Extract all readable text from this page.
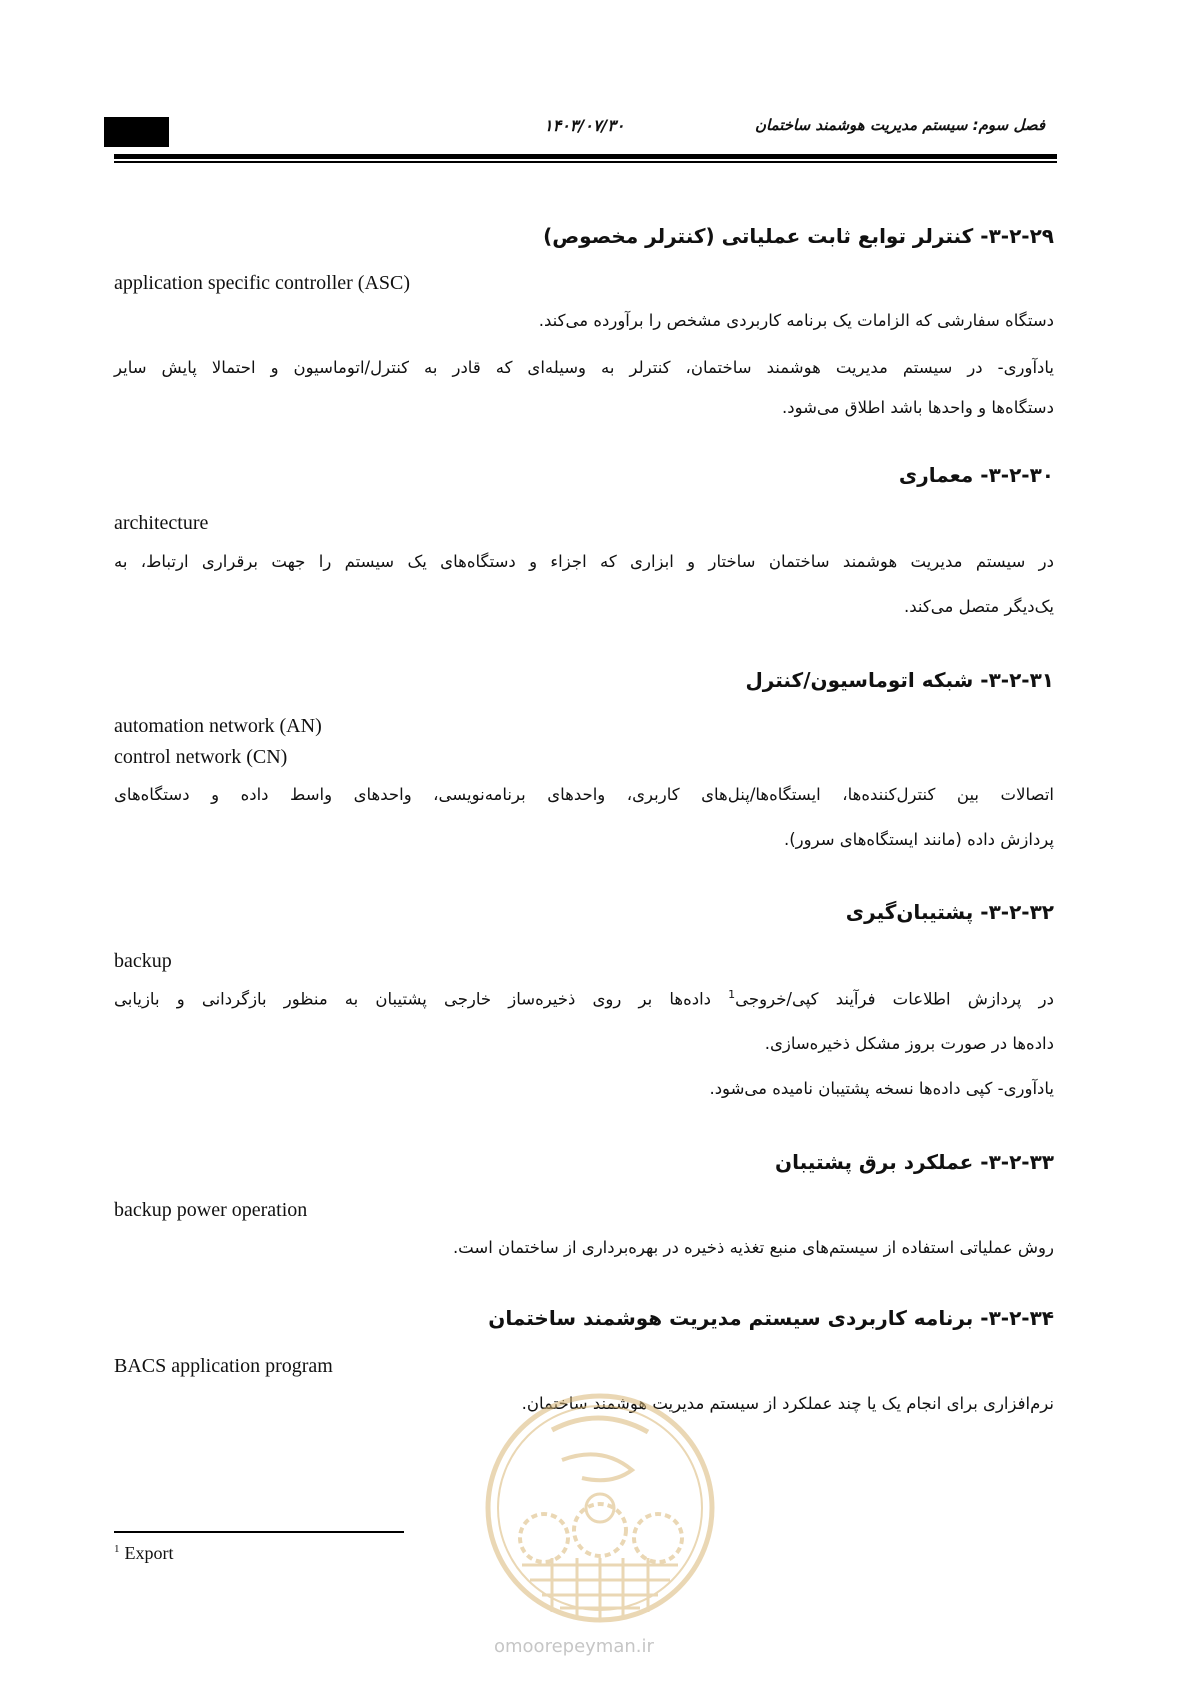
۱۴۰۳/۰۷/۳۰	فصل سوم: سیستم مدیریت هوشمند ساختمان
۳-۲-۲۹- کنترلر توابع ثابت عملیاتی (کنترلر مخصوص)
application specific controller (ASC)
دستگاه سفارشی که الزامات یک برنامه کاربردی مشخص را برآورده می‌کند.
یادآوری- در سیستم مدیریت هوشمند ساختمان، کنترلر به وسیله‌ای که قادر به کنترل/اتوماسیون و احتمالا پایش سایر
دستگاه‌ها و واحدها باشد اطلاق می‌شود.
۳-۲-۳۰- معماری
architecture
در سیستم مدیریت هوشمند ساختمان ساختار و ابزاری که اجزاء و دستگاه‌های یک سیستم را جهت برقراری ارتباط، به
یک‌دیگر متصل می‌کند.
۳-۲-۳۱- شبکه اتوماسیون/کنترل
automation network (AN)
control network (CN)
اتصالات بین کنترل‌کننده‌ها، ایستگاه‌ها/پنل‌های کاربری، واحدهای برنامه‌نویسی، واحدهای واسط داده و دستگاه‌های
پردازش داده (مانند ایستگاه‌های سرور).
۳-۲-۳۲- پشتیبان‌گیری
backup
در پردازش اطلاعات فرآیند کپی/خروجی$^1$ داده‌ها بر روی ذخیره‌ساز خارجی پشتیبان به منظور بازگردانی و بازیابی
داده‌ها در صورت بروز مشکل ذخیره‌سازی.
یادآوری- کپی داده‌ها نسخه پشتیبان نامیده می‌شود.
۳-۲-۳۳- عملکرد برق پشتیبان
backup power operation
روش عملیاتی استفاده از سیستم‌های منبع تغذیه ذخیره در بهره‌برداری از ساختمان است.
۳-۲-۳۴- برنامه کاربردی سیستم مدیریت هوشمند ساختمان
BACS application program
نرم‌افزاری برای انجام یک یا چند عملکرد از سیستم مدیریت هوشمند ساختمان.
omoorepeyman.ir
$^1$ Export
